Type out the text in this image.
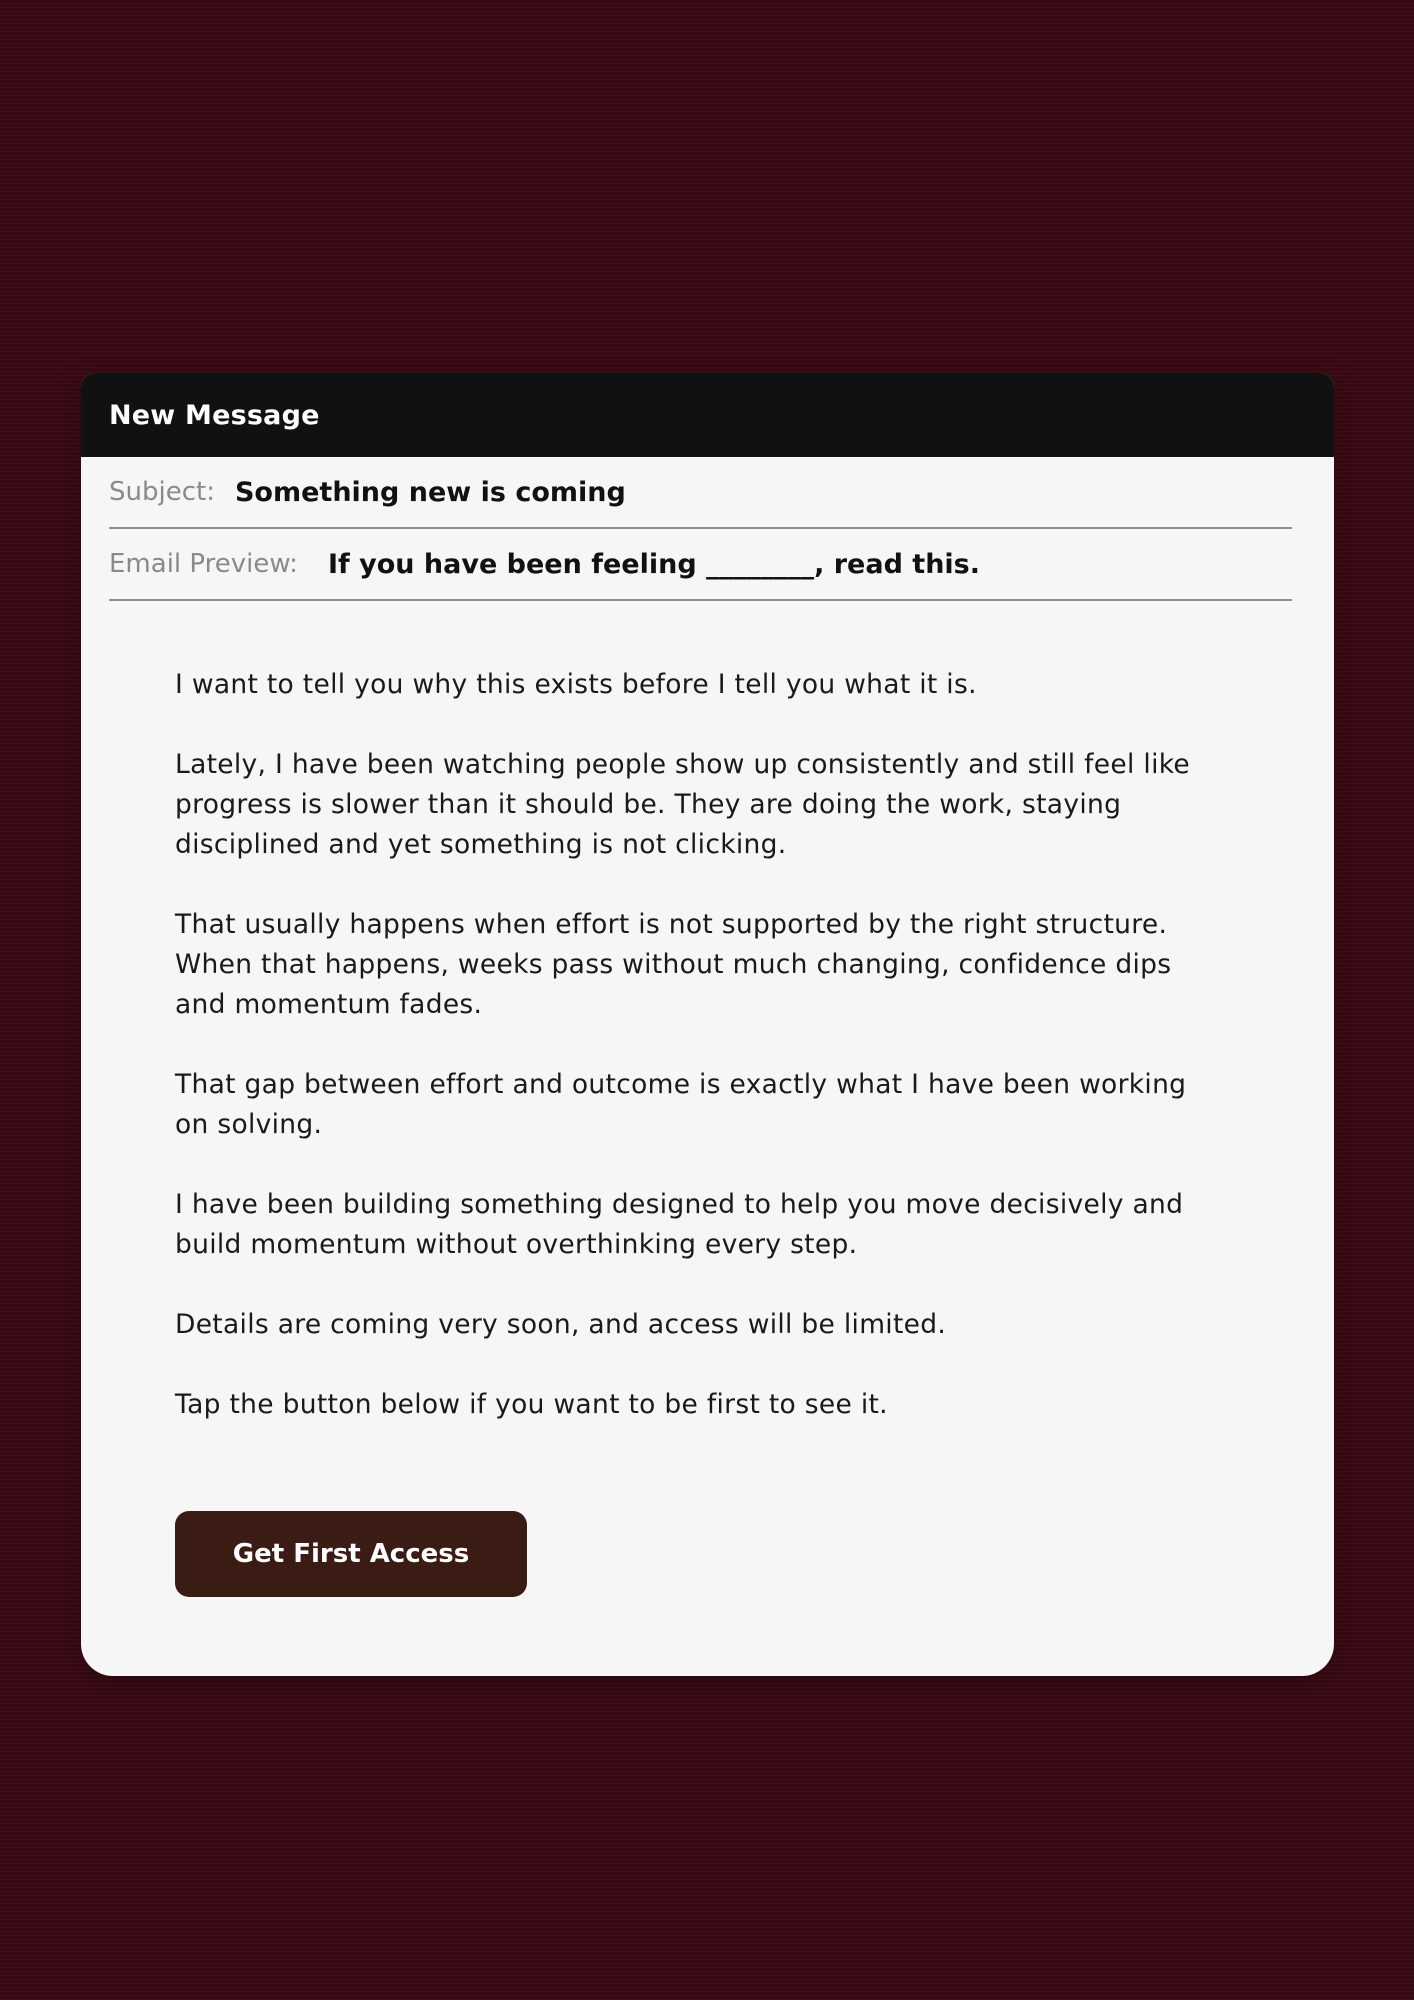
New Message
Subject: Something new is coming
Email Preview: If you have been feeling ________, read this.

I want to tell you why this exists before I tell you what it is.

Lately, I have been watching people show up consistently and still feel like progress is slower than it should be. They are doing the work, staying disciplined and yet something is not clicking.

That usually happens when effort is not supported by the right structure. When that happens, weeks pass without much changing, confidence dips and momentum fades.

That gap between effort and outcome is exactly what I have been working on solving.

I have been building something designed to help you move decisively and build momentum without overthinking every step.

Details are coming very soon, and access will be limited.

Tap the button below if you want to be first to see it.

Get First Access
